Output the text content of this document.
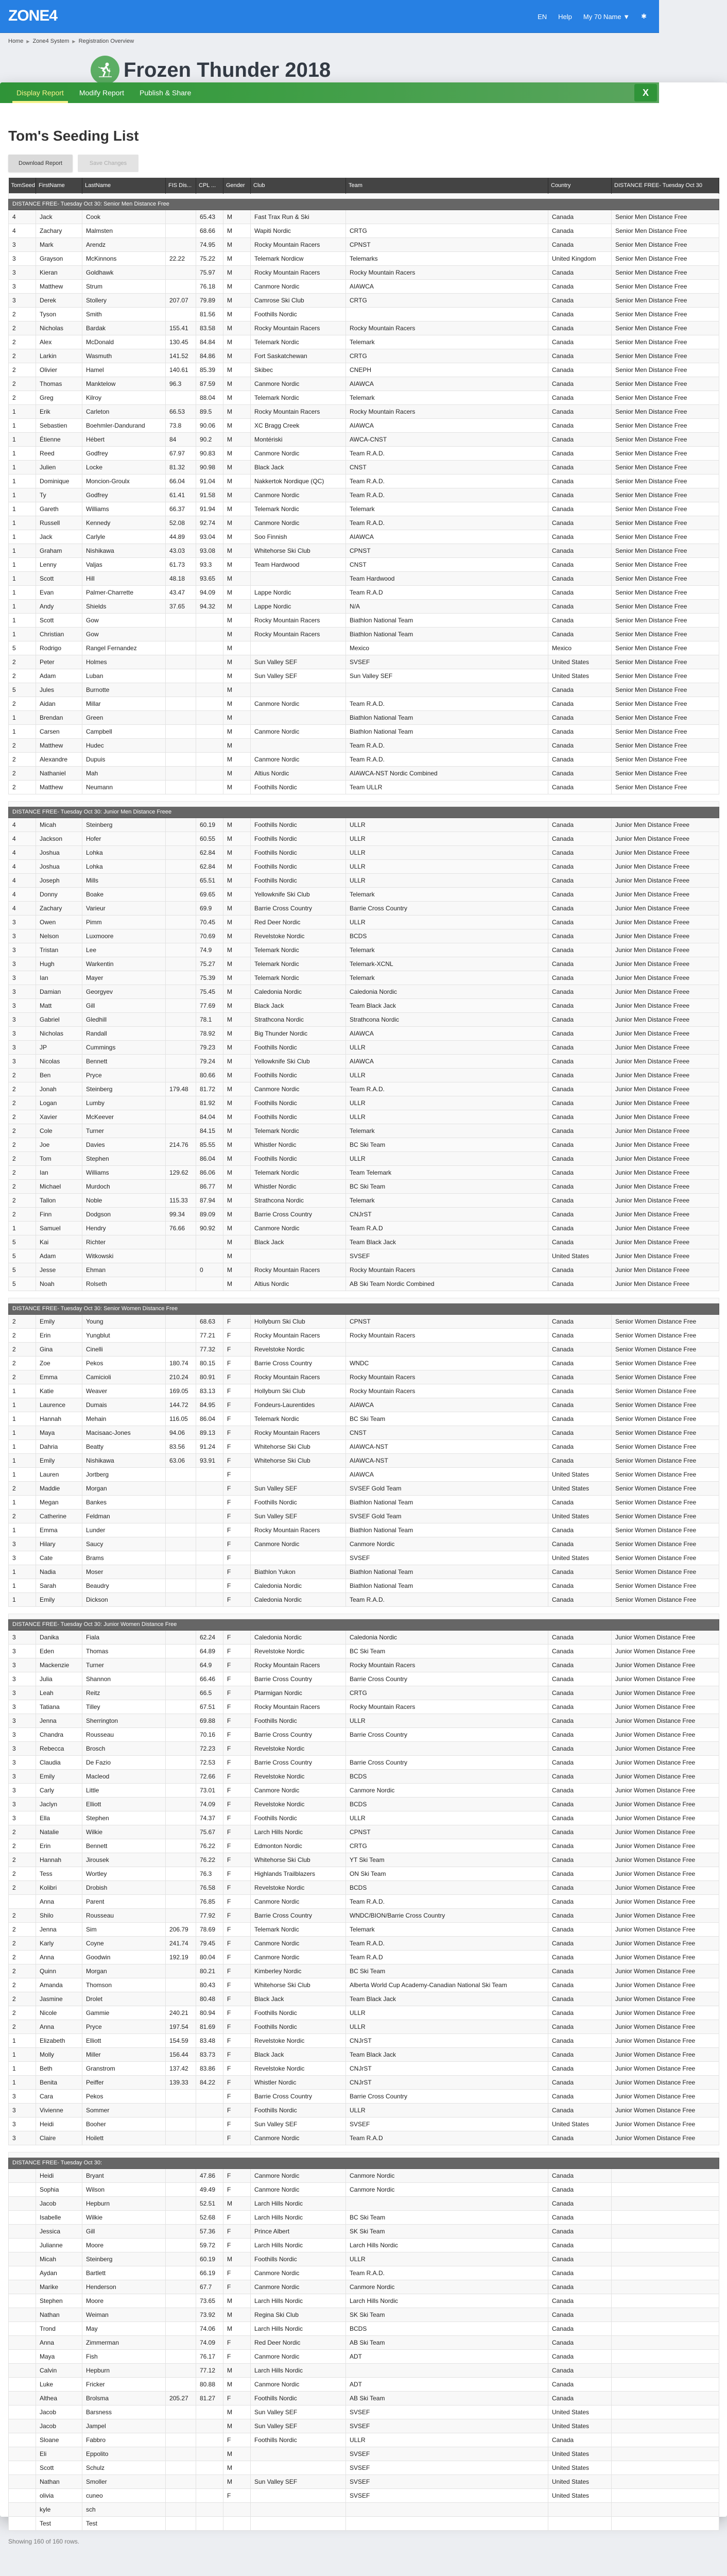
ZONE4	EN Help My 70 Name ▼ ✱
Home ▶ Zone4 System ▶ Registration Overview
Frozen Thunder 2018
Display Report	Modify Report	Publish & Share	X
Tom's Seeding List
Download Report	Save Changes
TomSeed	FirstName	LastName	FIS Dis...	CPL ...	Gender	Club	Team	Country	DISTANCE FREE- Tuesday Oct 30

DISTANCE FREE- Tuesday Oct 30: Senior Men Distance Free									
4	Jack	Cook		65.43	M	Fast Trax Run & Ski		Canada	Senior Men Distance Free
4	Zachary	Malmsten		68.66	M	Wapiti Nordic	CRTG	Canada	Senior Men Distance Free
3	Mark	Arendz		74.95	M	Rocky Mountain Racers	CPNST	Canada	Senior Men Distance Free
3	Grayson	McKinnons	22.22	75.22	M	Telemark Nordicw	Telemarks	United Kingdom	Senior Men Distance Free
3	Kieran	Goldhawk		75.97	M	Rocky Mountain Racers	Rocky Mountain Racers	Canada	Senior Men Distance Free
3	Matthew	Strum		76.18	M	Canmore Nordic	AIAWCA	Canada	Senior Men Distance Free
3	Derek	Stollery	207.07	79.89	M	Camrose Ski Club	CRTG	Canada	Senior Men Distance Free
2	Tyson	Smith		81.56	M	Foothills Nordic		Canada	Senior Men Distance Free
2	Nicholas	Bardak	155.41	83.58	M	Rocky Mountain Racers	Rocky Mountain Racers	Canada	Senior Men Distance Free
2	Alex	McDonald	130.45	84.84	M	Telemark Nordic	Telemark	Canada	Senior Men Distance Free
2	Larkin	Wasmuth	141.52	84.86	M	Fort Saskatchewan	CRTG	Canada	Senior Men Distance Free
2	Olivier	Hamel	140.61	85.39	M	Skibec	CNEPH	Canada	Senior Men Distance Free
2	Thomas	Manktelow	96.3	87.59	M	Canmore Nordic	AIAWCA	Canada	Senior Men Distance Free
2	Greg	Kilroy		88.04	M	Telemark Nordic	Telemark	Canada	Senior Men Distance Free
1	Erik	Carleton	66.53	89.5	M	Rocky Mountain Racers	Rocky Mountain Racers	Canada	Senior Men Distance Free
1	Sebastien	Boehmler-Dandurand	73.8	90.06	M	XC Bragg Creek	AIAWCA	Canada	Senior Men Distance Free
1	Étienne	Hébert	84	90.2	M	Montériski	AWCA-CNST	Canada	Senior Men Distance Free
1	Reed	Godfrey	67.97	90.83	M	Canmore Nordic	Team R.A.D.	Canada	Senior Men Distance Free
1	Julien	Locke	81.32	90.98	M	Black Jack	CNST	Canada	Senior Men Distance Free
1	Dominique	Moncion-Groulx	66.04	91.04	M	Nakkertok Nordique (QC)	Team R.A.D.	Canada	Senior Men Distance Free
1	Ty	Godfrey	61.41	91.58	M	Canmore Nordic	Team R.A.D.	Canada	Senior Men Distance Free
1	Gareth	Williams	66.37	91.94	M	Telemark Nordic	Telemark	Canada	Senior Men Distance Free
1	Russell	Kennedy	52.08	92.74	M	Canmore Nordic	Team R.A.D.	Canada	Senior Men Distance Free
1	Jack	Carlyle	44.89	93.04	M	Soo Finnish	AIAWCA	Canada	Senior Men Distance Free
1	Graham	Nishikawa	43.03	93.08	M	Whitehorse Ski Club	CPNST	Canada	Senior Men Distance Free
1	Lenny	Valjas	61.73	93.3	M	Team Hardwood	CNST	Canada	Senior Men Distance Free
1	Scott	Hill	48.18	93.65	M		Team Hardwood	Canada	Senior Men Distance Free
1	Evan	Palmer-Charrette	43.47	94.09	M	Lappe Nordic	Team R.A.D	Canada	Senior Men Distance Free
1	Andy	Shields	37.65	94.32	M	Lappe Nordic	N/A	Canada	Senior Men Distance Free
1	Scott	Gow			M	Rocky Mountain Racers	Biathlon National Team	Canada	Senior Men Distance Free
1	Christian	Gow			M	Rocky Mountain Racers	Biathlon National Team	Canada	Senior Men Distance Free
5	Rodrigo	Rangel Fernandez			M		Mexico	Mexico	Senior Men Distance Free
2	Peter	Holmes			M	Sun Valley SEF	SVSEF	United States	Senior Men Distance Free
2	Adam	Luban			M	Sun Valley SEF	Sun Valley SEF	United States	Senior Men Distance Free
5	Jules	Burnotte			M			Canada	Senior Men Distance Free
2	Aidan	Millar			M	Canmore Nordic	Team R.A.D.	Canada	Senior Men Distance Free
1	Brendan	Green			M		Biathlon National Team	Canada	Senior Men Distance Free
1	Carsen	Campbell			M	Canmore Nordic	Biathlon National Team	Canada	Senior Men Distance Free
2	Matthew	Hudec			M		Team R.A.D.	Canada	Senior Men Distance Free
2	Alexandre	Dupuis			M	Canmore Nordic	Team R.A.D.	Canada	Senior Men Distance Free
2	Nathaniel	Mah			M	Altius Nordic	AIAWCA-NST Nordic Combined	Canada	Senior Men Distance Free
2	Matthew	Neumann			M	Foothills Nordic	Team ULLR	Canada	Senior Men Distance Free

DISTANCE FREE- Tuesday Oct 30: Junior Men Distance Freee									
4	Micah	Steinberg		60.19	M	Foothills Nordic	ULLR	Canada	Junior Men Distance Freee
4	Jackson	Hofer		60.55	M	Foothills Nordic	ULLR	Canada	Junior Men Distance Freee
4	Joshua	Lohka		62.84	M	Foothills Nordic	ULLR	Canada	Junior Men Distance Freee
4	Joshua	Lohka		62.84	M	Foothills Nordic	ULLR	Canada	Junior Men Distance Freee
4	Joseph	Mills		65.51	M	Foothills Nordic	ULLR	Canada	Junior Men Distance Freee
4	Donny	Boake		69.65	M	Yellowknife Ski Club	Telemark	Canada	Junior Men Distance Freee
4	Zachary	Varieur		69.9	M	Barrie Cross Country	Barrie Cross Country	Canada	Junior Men Distance Freee
3	Owen	Pimm		70.45	M	Red Deer Nordic	ULLR	Canada	Junior Men Distance Freee
3	Nelson	Luxmoore		70.69	M	Revelstoke Nordic	BCDS	Canada	Junior Men Distance Freee
3	Tristan	Lee		74.9	M	Telemark Nordic	Telemark	Canada	Junior Men Distance Freee
3	Hugh	Warkentin		75.27	M	Telemark Nordic	Telemark-XCNL	Canada	Junior Men Distance Freee
3	Ian	Mayer		75.39	M	Telemark Nordic	Telemark	Canada	Junior Men Distance Freee
3	Damian	Georgyev		75.45	M	Caledonia Nordic	Caledonia Nordic	Canada	Junior Men Distance Freee
3	Matt	Gill		77.69	M	Black Jack	Team Black Jack	Canada	Junior Men Distance Freee
3	Gabriel	Gledhill		78.1	M	Strathcona Nordic	Strathcona Nordic	Canada	Junior Men Distance Freee
3	Nicholas	Randall		78.92	M	Big Thunder Nordic	AIAWCA	Canada	Junior Men Distance Freee
3	JP	Cummings		79.23	M	Foothills Nordic	ULLR	Canada	Junior Men Distance Freee
3	Nicolas	Bennett		79.24	M	Yellowknife Ski Club	AIAWCA	Canada	Junior Men Distance Freee
2	Ben	Pryce		80.66	M	Foothills Nordic	ULLR	Canada	Junior Men Distance Freee
2	Jonah	Steinberg	179.48	81.72	M	Canmore Nordic	Team R.A.D.	Canada	Junior Men Distance Freee
2	Logan	Lumby		81.92	M	Foothills Nordic	ULLR	Canada	Junior Men Distance Freee
2	Xavier	McKeever		84.04	M	Foothills Nordic	ULLR	Canada	Junior Men Distance Freee
2	Cole	Turner		84.15	M	Telemark Nordic	Telemark	Canada	Junior Men Distance Freee
2	Joe	Davies	214.76	85.55	M	Whistler Nordic	BC Ski Team	Canada	Junior Men Distance Freee
2	Tom	Stephen		86.04	M	Foothills Nordic	ULLR	Canada	Junior Men Distance Freee
2	Ian	Williams	129.62	86.06	M	Telemark Nordic	Team Telemark	Canada	Junior Men Distance Freee
2	Michael	Murdoch		86.77	M	Whistler Nordic	BC Ski Team	Canada	Junior Men Distance Freee
2	Tallon	Noble	115.33	87.94	M	Strathcona Nordic	Telemark	Canada	Junior Men Distance Freee
2	Finn	Dodgson	99.34	89.09	M	Barrie Cross Country	CNJrST	Canada	Junior Men Distance Freee
1	Samuel	Hendry	76.66	90.92	M	Canmore Nordic	Team R.A.D	Canada	Junior Men Distance Freee
5	Kai	Richter			M	Black Jack	Team Black Jack	Canada	Junior Men Distance Freee
5	Adam	Witkowski			M		SVSEF	United States	Junior Men Distance Freee
5	Jesse	Ehman		0	M	Rocky Mountain Racers	Rocky Mountain Racers	Canada	Junior Men Distance Freee
5	Noah	Rolseth			M	Altius Nordic	AB Ski Team Nordic Combined	Canada	Junior Men Distance Freee

DISTANCE FREE- Tuesday Oct 30: Senior Women Distance Free									
2	Emily	Young		68.63	F	Hollyburn Ski Club	CPNST	Canada	Senior Women Distance Free
2	Erin	Yungblut		77.21	F	Rocky Mountain Racers	Rocky Mountain Racers	Canada	Senior Women Distance Free
2	Gina	Cinelli		77.32	F	Revelstoke Nordic		Canada	Senior Women Distance Free
2	Zoe	Pekos	180.74	80.15	F	Barrie Cross Country	WNDC	Canada	Senior Women Distance Free
2	Emma	Camicioli	210.24	80.91	F	Rocky Mountain Racers	Rocky Mountain Racers	Canada	Senior Women Distance Free
1	Katie	Weaver	169.05	83.13	F	Hollyburn Ski Club	Rocky Mountain Racers	Canada	Senior Women Distance Free
1	Laurence	Dumais	144.72	84.95	F	Fondeurs-Laurentides	AIAWCA	Canada	Senior Women Distance Free
1	Hannah	Mehain	116.05	86.04	F	Telemark Nordic	BC Ski Team	Canada	Senior Women Distance Free
1	Maya	Macisaac-Jones	94.06	89.13	F	Rocky Mountain Racers	CNST	Canada	Senior Women Distance Free
1	Dahria	Beatty	83.56	91.24	F	Whitehorse Ski Club	AIAWCA-NST	Canada	Senior Women Distance Free
1	Emily	Nishikawa	63.06	93.91	F	Whitehorse Ski Club	AIAWCA-NST	Canada	Senior Women Distance Free
1	Lauren	Jortberg			F		AIAWCA	United States	Senior Women Distance Free
2	Maddie	Morgan			F	Sun Valley SEF	SVSEF Gold Team	United States	Senior Women Distance Free
1	Megan	Bankes			F	Foothills Nordic	Biathlon National Team	Canada	Senior Women Distance Free
2	Catherine	Feldman			F	Sun Valley SEF	SVSEF Gold Team	United States	Senior Women Distance Free
1	Emma	Lunder			F	Rocky Mountain Racers	Biathlon National Team	Canada	Senior Women Distance Free
3	Hilary	Saucy			F	Canmore Nordic	Canmore Nordic	Canada	Senior Women Distance Free
3	Cate	Brams			F		SVSEF	United States	Senior Women Distance Free
1	Nadia	Moser			F	Biathlon Yukon	Biathlon National Team	Canada	Senior Women Distance Free
1	Sarah	Beaudry			F	Caledonia Nordic	Biathlon National Team	Canada	Senior Women Distance Free
1	Emily	Dickson			F	Caledonia Nordic	Team R.A.D.	Canada	Senior Women Distance Free

DISTANCE FREE- Tuesday Oct 30: Junior Women Distance Free									
3	Danika	Fiala		62.24	F	Caledonia Nordic	Caledonia Nordic	Canada	Junior Women Distance Free
3	Eden	Thomas		64.89	F	Revelstoke Nordic	BC Ski Team	Canada	Junior Women Distance Free
3	Mackenzie	Turner		64.9	F	Rocky Mountain Racers	Rocky Mountain Racers	Canada	Junior Women Distance Free
3	Julia	Shannon		66.46	F	Barrie Cross Country	Barrie Cross Country	Canada	Junior Women Distance Free
3	Leah	Reitz		66.5	F	Ptarmigan Nordic	CRTG	Canada	Junior Women Distance Free
3	Tatiana	Tilley		67.51	F	Rocky Mountain Racers	Rocky Mountain Racers	Canada	Junior Women Distance Free
3	Jenna	Sherrington		69.88	F	Foothills Nordic	ULLR	Canada	Junior Women Distance Free
3	Chandra	Rousseau		70.16	F	Barrie Cross Country	Barrie Cross Country	Canada	Junior Women Distance Free
3	Rebecca	Brosch		72.23	F	Revelstoke Nordic		Canada	Junior Women Distance Free
3	Claudia	De Fazio		72.53	F	Barrie Cross Country	Barrie Cross Country	Canada	Junior Women Distance Free
3	Emily	Macleod		72.66	F	Revelstoke Nordic	BCDS	Canada	Junior Women Distance Free
3	Carly	Little		73.01	F	Canmore Nordic	Canmore Nordic	Canada	Junior Women Distance Free
3	Jaclyn	Elliott		74.09	F	Revelstoke Nordic	BCDS	Canada	Junior Women Distance Free
3	Ella	Stephen		74.37	F	Foothills Nordic	ULLR	Canada	Junior Women Distance Free
2	Natalie	Wilkie		75.67	F	Larch Hills Nordic	CPNST	Canada	Junior Women Distance Free
2	Erin	Bennett		76.22	F	Edmonton Nordic	CRTG	Canada	Junior Women Distance Free
2	Hannah	Jirousek		76.22	F	Whitehorse Ski Club	YT Ski Team	Canada	Junior Women Distance Free
2	Tess	Wortley		76.3	F	Highlands Trailblazers	ON Ski Team	Canada	Junior Women Distance Free
2	Kolibri	Drobish		76.58	F	Revelstoke Nordic	BCDS	Canada	Junior Women Distance Free
	Anna	Parent		76.85	F	Canmore Nordic	Team R.A.D.	Canada	Junior Women Distance Free
2	Shilo	Rousseau		77.92	F	Barrie Cross Country	WNDC/BION/Barrie Cross Country	Canada	Junior Women Distance Free
2	Jenna	Sim	206.79	78.69	F	Telemark Nordic	Telemark	Canada	Junior Women Distance Free
2	Karly	Coyne	241.74	79.45	F	Canmore Nordic	Team R.A.D.	Canada	Junior Women Distance Free
2	Anna	Goodwin	192.19	80.04	F	Canmore Nordic	Team R.A.D	Canada	Junior Women Distance Free
2	Quinn	Morgan		80.21	F	Kimberley Nordic	BC Ski Team	Canada	Junior Women Distance Free
2	Amanda	Thomson		80.43	F	Whitehorse Ski Club	Alberta World Cup Academy-Canadian National Ski Team	Canada	Junior Women Distance Free
2	Jasmine	Drolet		80.48	F	Black Jack	Team Black Jack	Canada	Junior Women Distance Free
2	Nicole	Gammie	240.21	80.94	F	Foothills Nordic	ULLR	Canada	Junior Women Distance Free
2	Anna	Pryce	197.54	81.69	F	Foothills Nordic	ULLR	Canada	Junior Women Distance Free
1	Elizabeth	Elliott	154.59	83.48	F	Revelstoke Nordic	CNJrST	Canada	Junior Women Distance Free
1	Molly	Miller	156.44	83.73	F	Black Jack	Team Black Jack	Canada	Junior Women Distance Free
1	Beth	Granstrom	137.42	83.86	F	Revelstoke Nordic	CNJrST	Canada	Junior Women Distance Free
1	Benita	Peiffer	139.33	84.22	F	Whistler Nordic	CNJrST	Canada	Junior Women Distance Free
3	Cara	Pekos			F	Barrie Cross Country	Barrie Cross Country	Canada	Junior Women Distance Free
3	Vivienne	Sommer			F	Foothills Nordic	ULLR	Canada	Junior Women Distance Free
3	Heidi	Booher			F	Sun Valley SEF	SVSEF	United States	Junior Women Distance Free
3	Claire	Hoilett			F	Canmore Nordic	Team R.A.D	Canada	Junior Women Distance Free

DISTANCE FREE- Tuesday Oct 30:									
	Heidi	Bryant		47.86	F	Canmore Nordic	Canmore Nordic	Canada	
	Sophia	Wilson		49.49	F	Canmore Nordic	Canmore Nordic	Canada	
	Jacob	Hepburn		52.51	M	Larch Hills Nordic		Canada	
	Isabelle	Wilkie		52.68	F	Larch Hills Nordic	BC Ski Team	Canada	
	Jessica	Gill		57.36	F	Prince Albert	SK Ski Team	Canada	
	Julianne	Moore		59.72	F	Larch Hills Nordic	Larch Hills Nordic	Canada	
	Micah	Steinberg		60.19	M	Foothills Nordic	ULLR	Canada	
	Aydan	Bartlett		66.19	F	Canmore Nordic	Team R.A.D.	Canada	
	Marike	Henderson		67.7	F	Canmore Nordic	Canmore Nordic	Canada	
	Stephen	Moore		73.65	M	Larch Hills Nordic	Larch Hills Nordic	Canada	
	Nathan	Weiman		73.92	M	Regina Ski Club	SK Ski Team	Canada	
	Trond	May		74.06	M	Larch Hills Nordic	BCDS	Canada	
	Anna	Zimmerman		74.09	F	Red Deer Nordic	AB Ski Team	Canada	
	Maya	Fish		76.17	F	Canmore Nordic	ADT	Canada	
	Calvin	Hepburn		77.12	M	Larch Hills Nordic		Canada	
	Luke	Fricker		80.88	M	Canmore Nordic	ADT	Canada	
	Althea	Brolsma	205.27	81.27	F	Foothills Nordic	AB Ski Team	Canada	
	Jacob	Barsness			M	Sun Valley SEF	SVSEF	United States	
	Jacob	Jampel			M	Sun Valley SEF	SVSEF	United States	
	Sloane	Fabbro			F	Foothills Nordic	ULLR	Canada	
	Eli	Eppolito			M		SVSEF	United States	
	Scott	Schulz			M		SVSEF	United States	
	Nathan	Smoller			M	Sun Valley SEF	SVSEF	United States	
	olivia	cuneo			F		SVSEF	United States	
	kyle	sch							
	Test	Test							
Showing 160 of 160 rows.
